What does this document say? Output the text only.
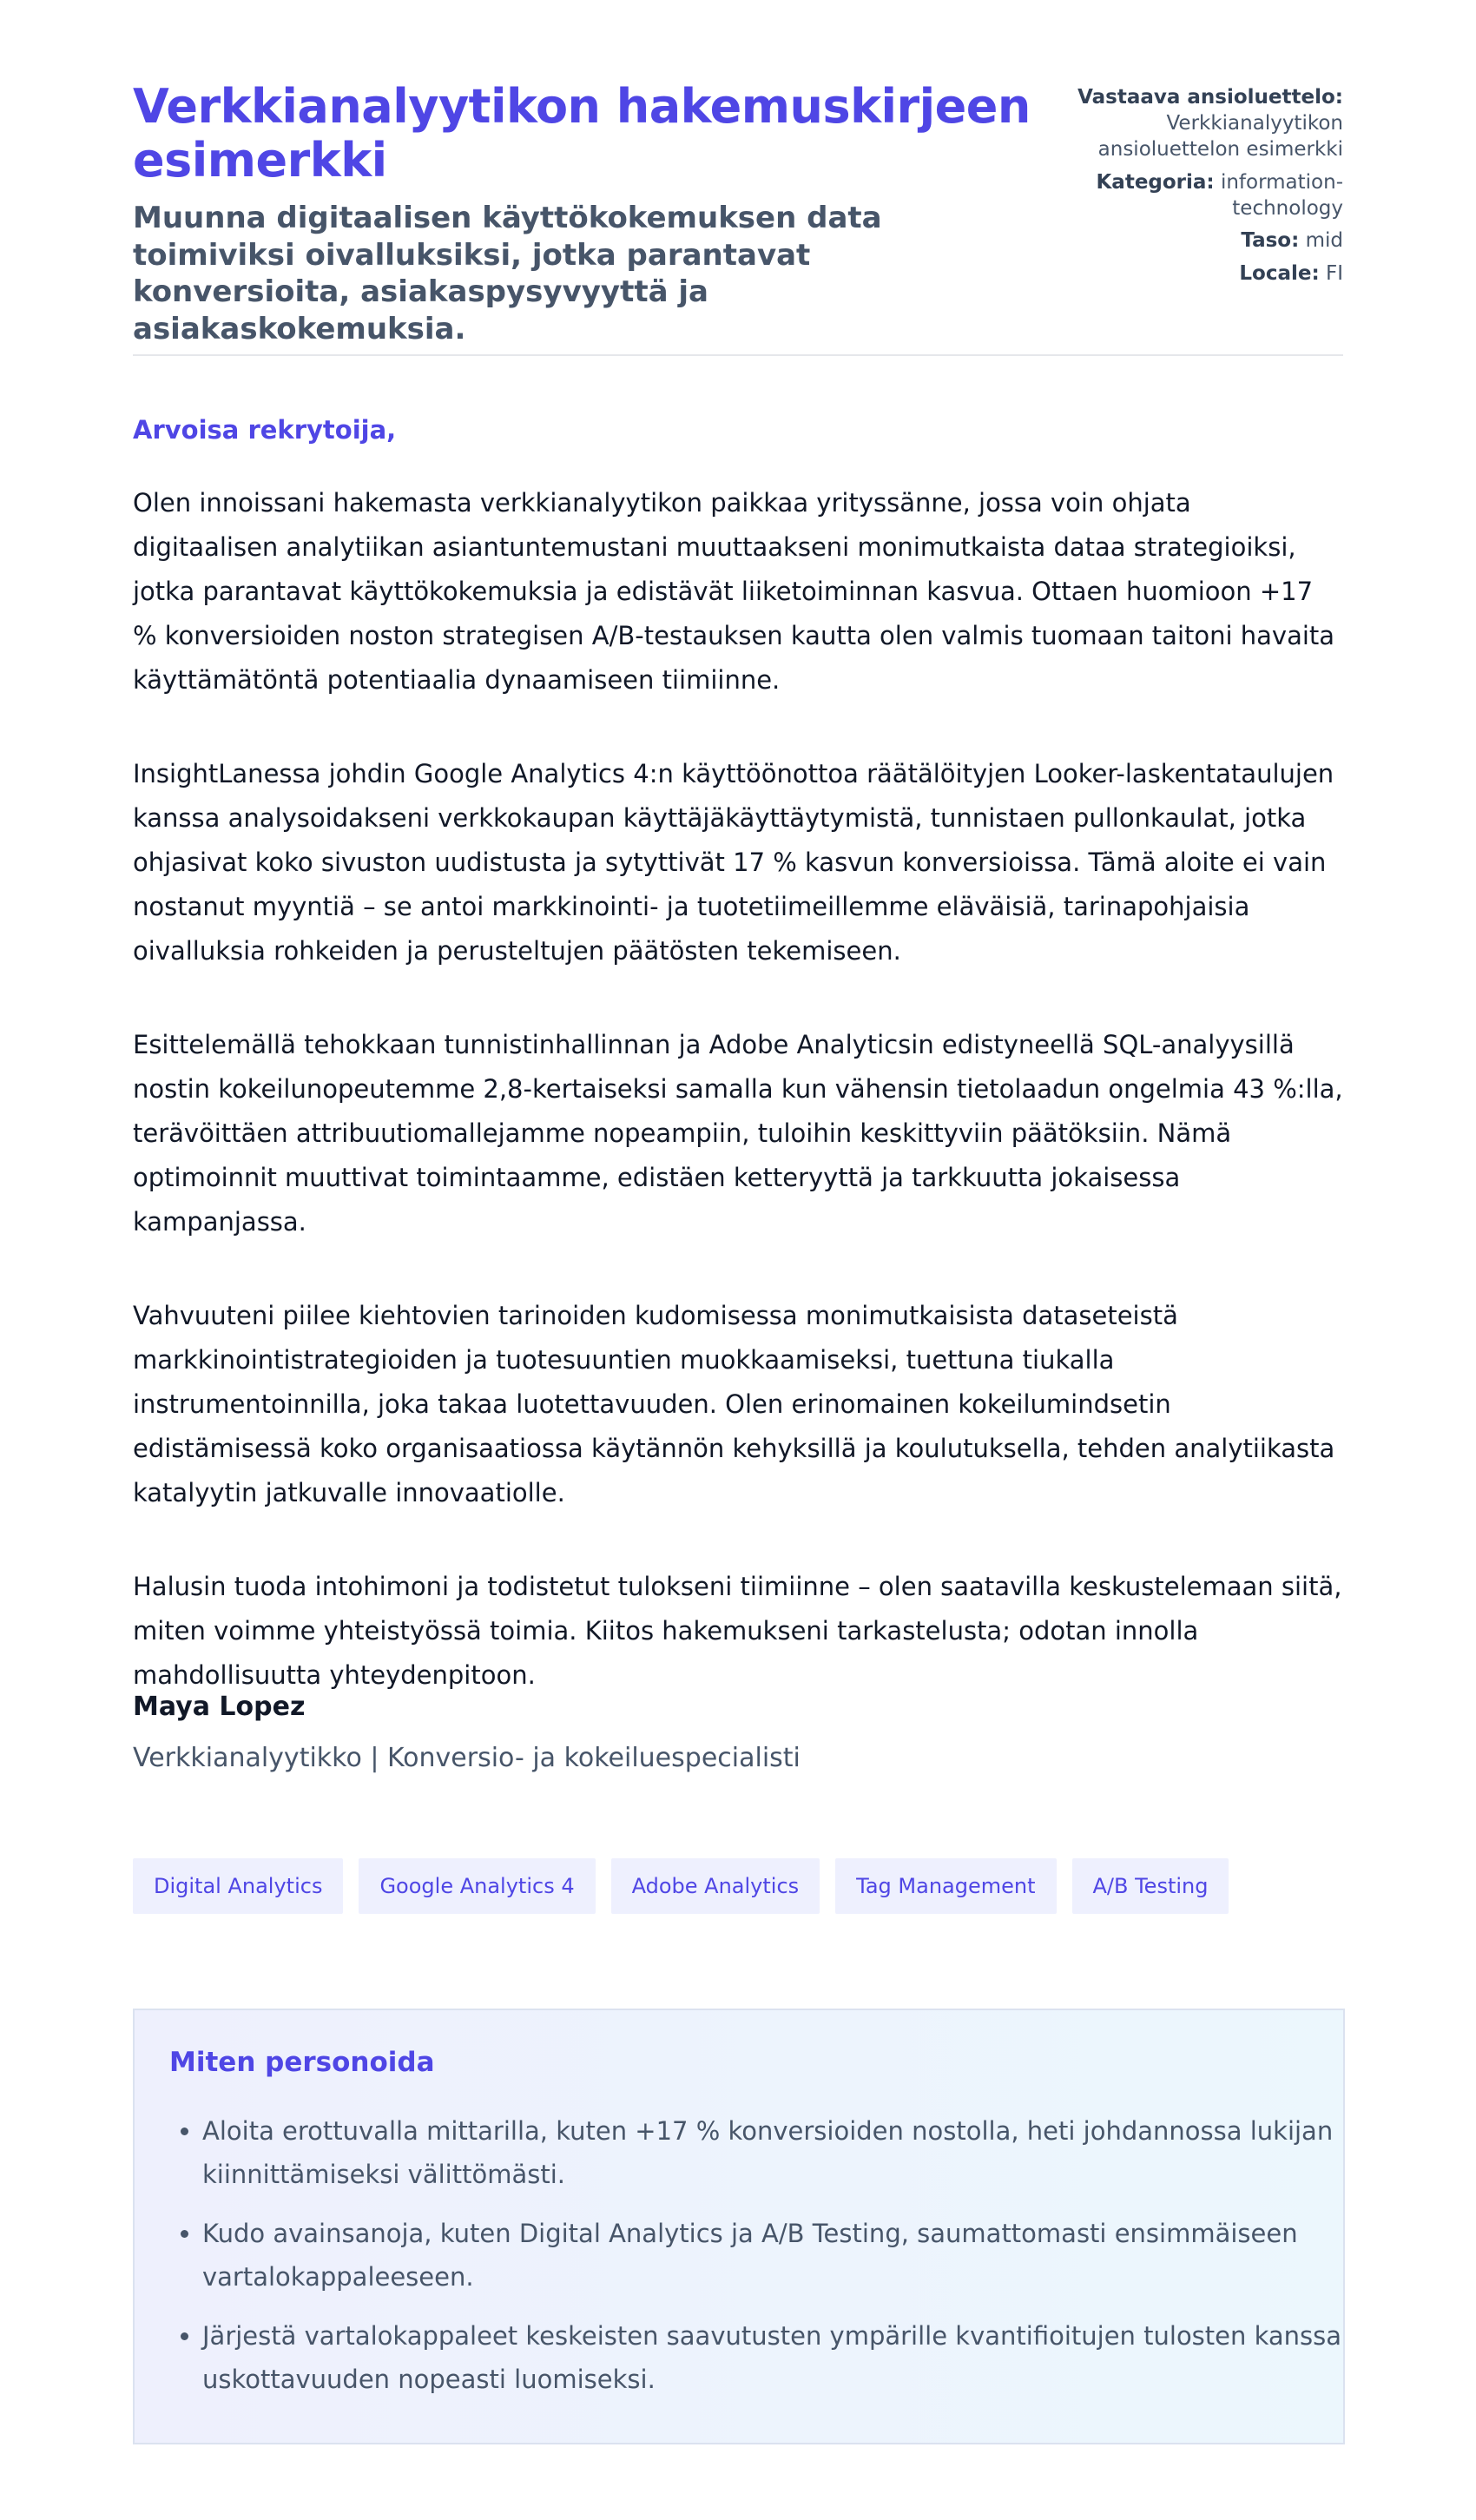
Verkkianalyytikon hakemuskirjeen esimerkki
Muunna digitaalisen käyttökokemuksen data toimiviksi oivalluksiksi, jotka parantavat konversioita, asiakaspysyvyyttä ja asiakaskokemuksia.
Vastaava ansioluettelo:
Verkkianalyytikon ansioluettelon esimerkki
Kategoria: information-technology
Taso: mid
Locale: FI

Arvoisa rekrytoija,

Olen innoissani hakemasta verkkianalyytikon paikkaa yrityssänne, jossa voin ohjata digitaalisen analytiikan asiantuntemustani muuttaakseni monimutkaista dataa strategioiksi, jotka parantavat käyttökokemuksia ja edistävät liiketoiminnan kasvua. Ottaen huomioon +17 % konversioiden noston strategisen A/B-testauksen kautta olen valmis tuomaan taitoni havaita käyttämätöntä potentiaalia dynaamiseen tiimiinne.

InsightLanessa johdin Google Analytics 4:n käyttöönottoa räätälöityjen Looker-laskentataulujen kanssa analysoidakseni verkkokaupan käyttäjäkäyttäytymistä, tunnistaen pullonkaulat, jotka ohjasivat koko sivuston uudistusta ja sytyttivät 17 % kasvun konversioissa. Tämä aloite ei vain nostanut myyntiä – se antoi markkinointi- ja tuotetiimeillemme eläväisiä, tarinapohjaisia oivalluksia rohkeiden ja perusteltujen päätösten tekemiseen.

Esittelemällä tehokkaan tunnistinhallinnan ja Adobe Analyticsin edistyneellä SQL-analyysillä nostin kokeilunopeutemme 2,8-kertaiseksi samalla kun vähensin tietolaadun ongelmia 43 %:lla, terävöittäen attribuutiomallejamme nopeampiin, tuloihin keskittyviin päätöksiin. Nämä optimoinnit muuttivat toimintaamme, edistäen ketteryyttä ja tarkkuutta jokaisessa kampanjassa.

Vahvuuteni piilee kiehtovien tarinoiden kudomisessa monimutkaisista dataseteistä markkinointistrategioiden ja tuotesuuntien muokkaamiseksi, tuettuna tiukalla instrumentoinnilla, joka takaa luotettavuuden. Olen erinomainen kokeilumindsetin edistämisessä koko organisaatiossa käytännön kehyksillä ja koulutuksella, tehden analytiikasta katalyytin jatkuvalle innovaatiolle.

Halusin tuoda intohimoni ja todistetut tulokseni tiimiinne – olen saatavilla keskustelemaan siitä, miten voimme yhteistyössä toimia. Kiitos hakemukseni tarkastelusta; odotan innolla mahdollisuutta yhteydenpitoon.

Maya Lopez

Verkkianalyytikko | Konversio- ja kokeiluespecialisti

Digital Analytics	Google Analytics 4	Adobe Analytics	Tag Management	A/B Testing
Miten personoida
• Aloita erottuvalla mittarilla, kuten +17 % konversioiden nostolla, heti johdannossa lukijan kiinnittämiseksi välittömästi.
• Kudo avainsanoja, kuten Digital Analytics ja A/B Testing, saumattomasti ensimmäiseen vartalokappaleeseen.
• Järjestä vartalokappaleet keskeisten saavutusten ympärille kvantifioitujen tulosten kanssa uskottavuuden nopeasti luomiseksi.
